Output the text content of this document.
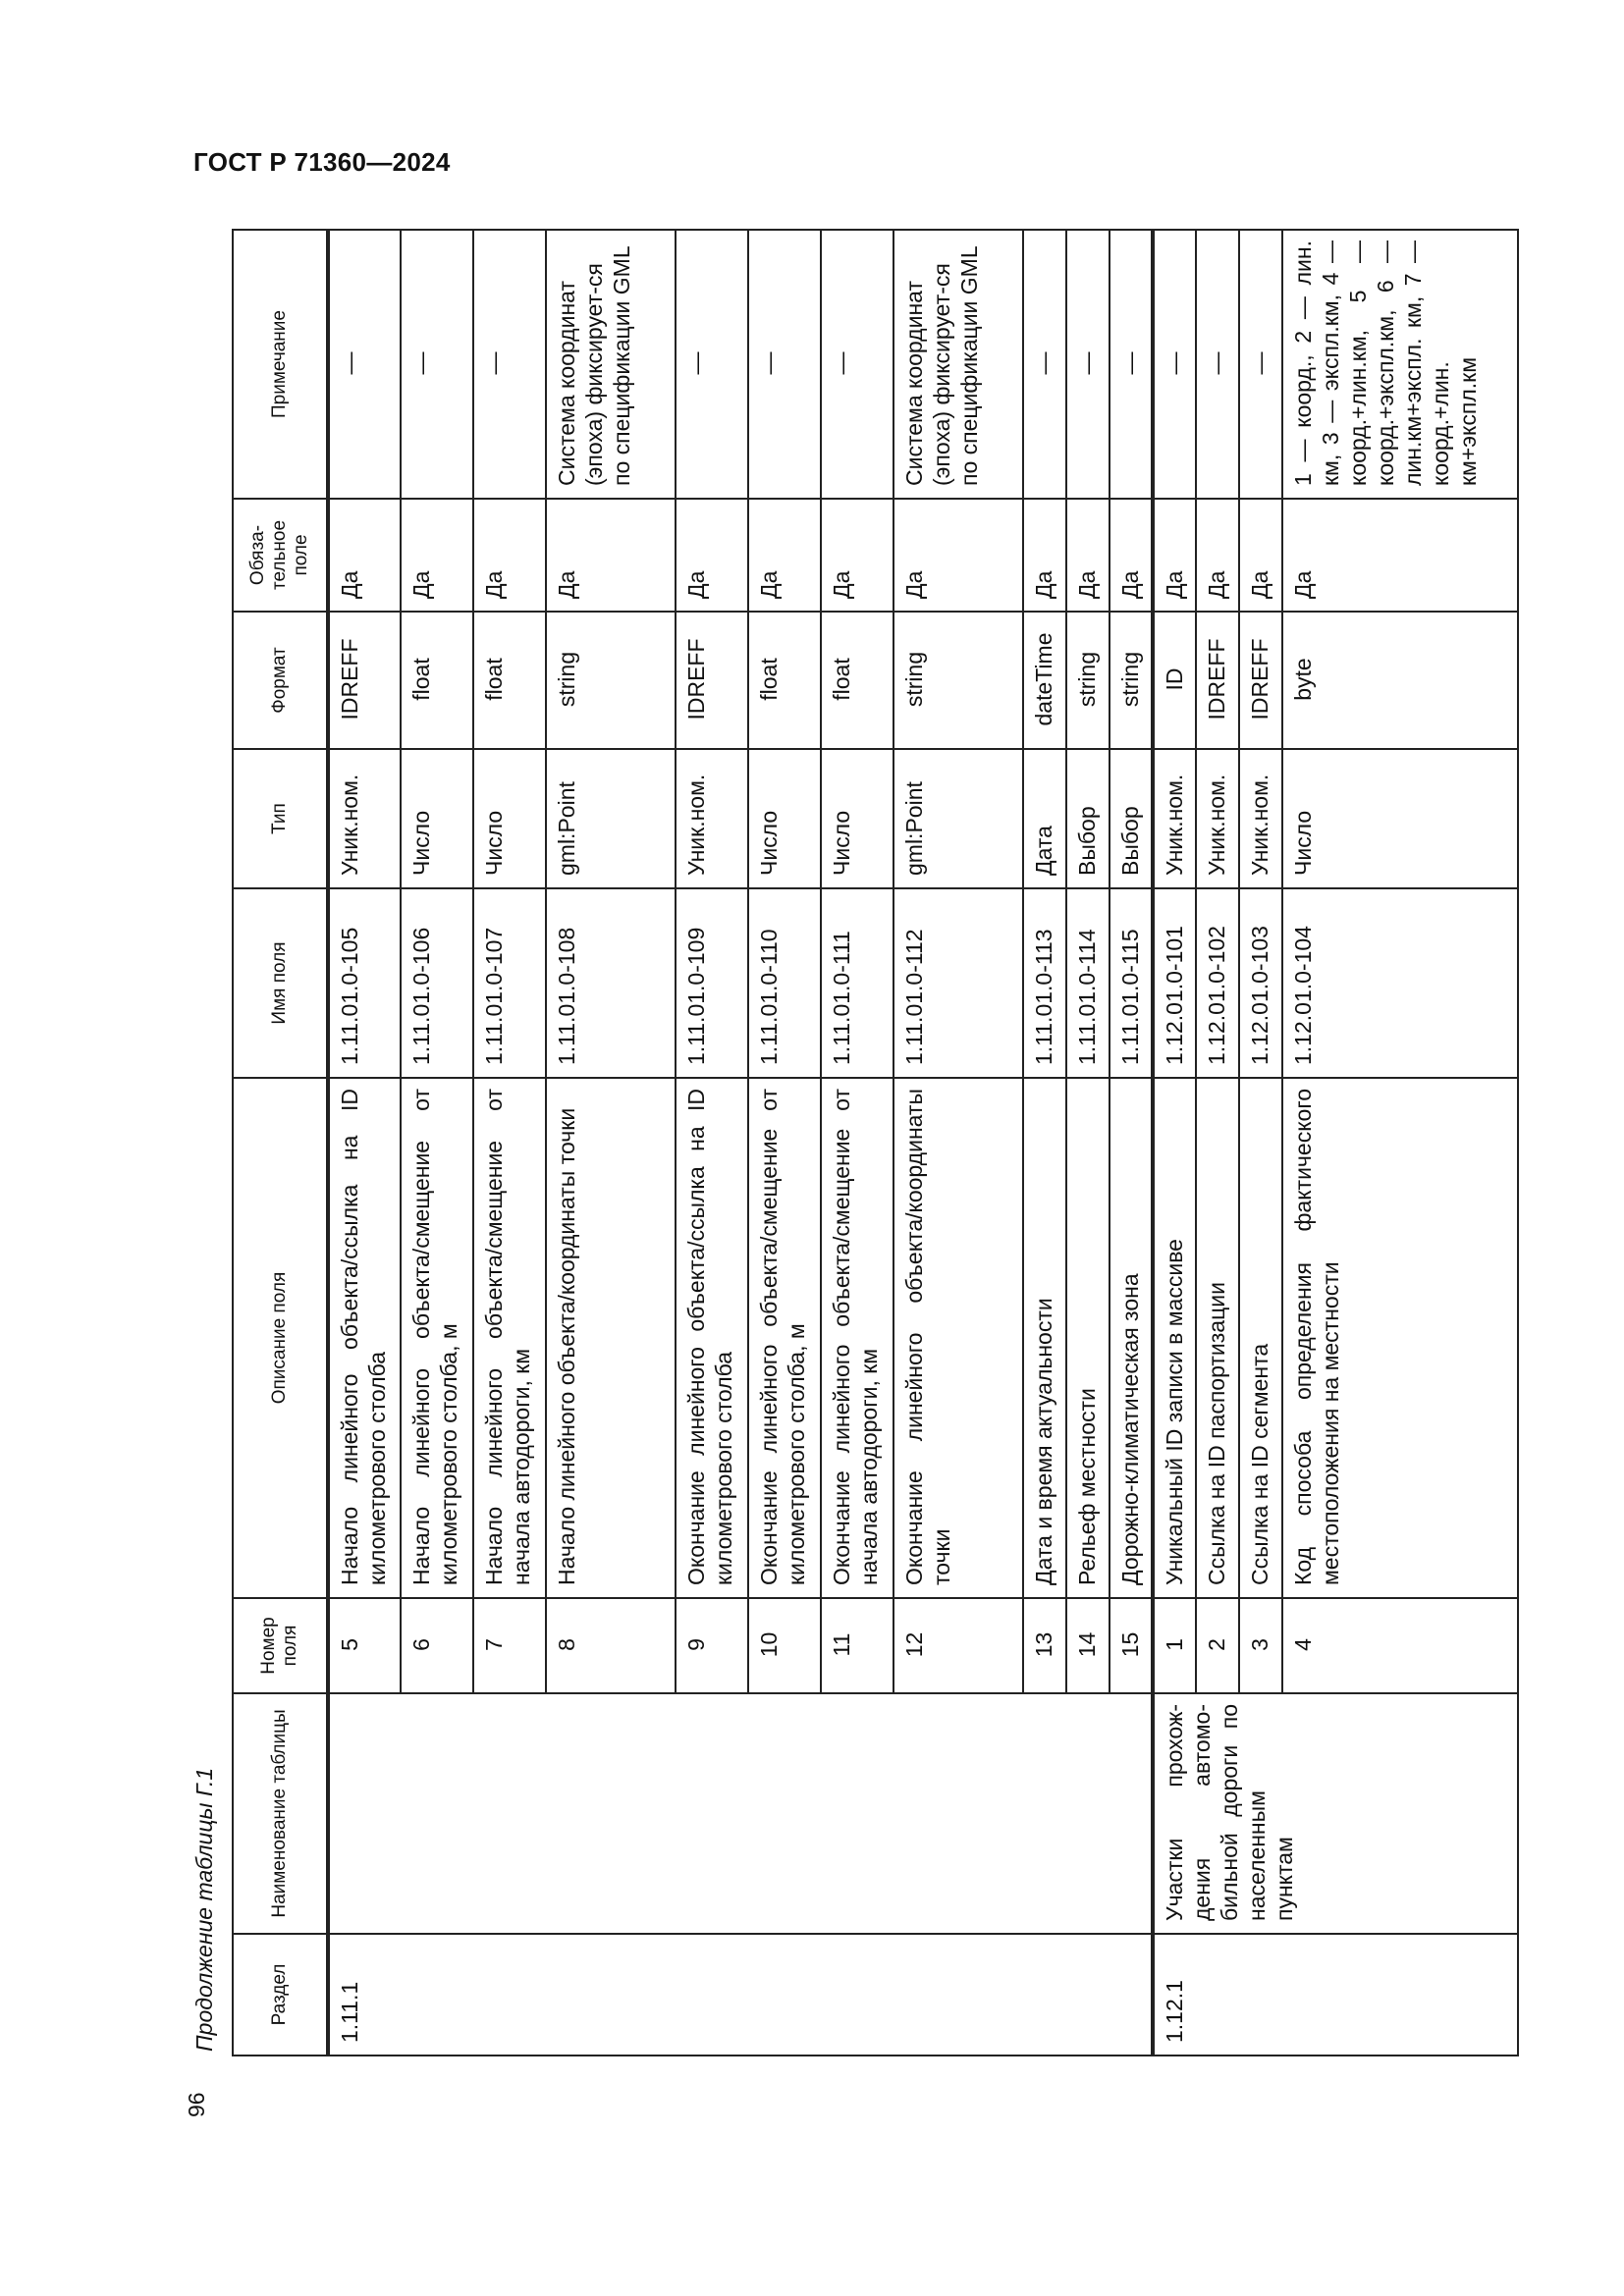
ГОСТ Р 71360—2024
96
Продолжение таблицы Г.1	Раздел	Наименование таблицы	Номер поля	Описание поля	Имя поля	Тип	Формат	Обяза-тельное поле	Примечание
1.11.1		5	Начало линейного объекта/ссылка на ID километрового столба	1.11.01.0-105	Уник.ном.	IDREFF	Да	—
		6	Начало линейного объекта/смещение от километрового столба, м	1.11.01.0-106	Число	float	Да	—
		7	Начало линейного объекта/смещение от начала автодороги, км	1.11.01.0-107	Число	float	Да	—
		8	Начало линейного объекта/координаты точки	1.11.01.0-108	gml:Point	string	Да	Система координат (эпоха) фиксирует-ся по спецификации GML
		9	Окончание линейного объекта/ссылка на ID километрового столба	1.11.01.0-109	Уник.ном.	IDREFF	Да	—
		10	Окончание линейного объекта/смещение от километрового столба, м	1.11.01.0-110	Число	float	Да	—
		11	Окончание линейного объекта/смещение от начала автодороги, км	1.11.01.0-111	Число	float	Да	—
		12	Окончание линейного объекта/координаты точки	1.11.01.0-112	gml:Point	string	Да	Система координат (эпоха) фиксирует-ся по спецификации GML
		13	Дата и время актуальности	1.11.01.0-113	Дата	dateTime	Да	—
		14	Рельеф местности	1.11.01.0-114	Выбор	string	Да	—
		15	Дорожно-климатическая зона	1.11.01.0-115	Выбор	string	Да	—
1.12.1	Участки прохож-дения автомо-бильной дороги по населенным пунктам	1	Уникальный ID записи в массиве	1.12.01.0-101	Уник.ном.	ID	Да	—
		2	Ссылка на ID паспортизации	1.12.01.0-102	Уник.ном.	IDREFF	Да	—
		3	Ссылка на ID сегмента	1.12.01.0-103	Уник.ном.	IDREFF	Да	—
		4	Код способа определения фактического местоположения на местности	1.12.01.0-104	Число	byte	Да	1 — коорд., 2 — лин. км, 3 — экспл.км, 4 — коорд.+лин.км, 5 — коорд.+экспл.км, 6 — лин.км+экспл. км, 7 — коорд.+лин. км+экспл.км
